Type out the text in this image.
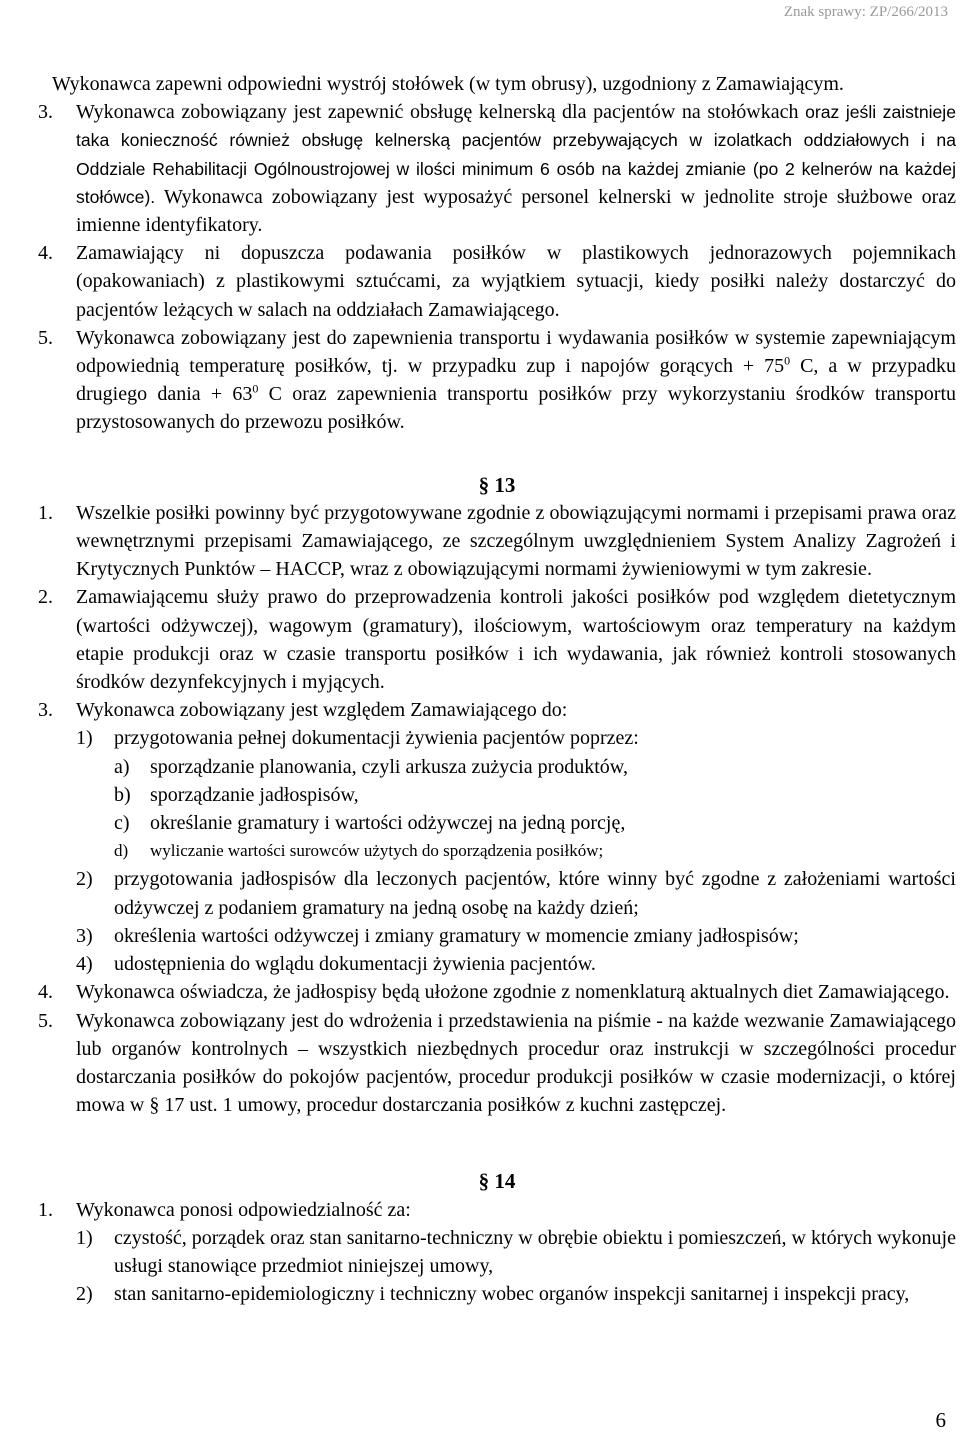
Znak sprawy: ZP/266/2013

Wykonawca zapewni odpowiedni wystrój stołówek (w tym obrusy), uzgodniony z Zamawiającym.

3. Wykonawca zobowiązany jest zapewnić obsługę kelnerską dla pacjentów na stołówkach oraz jeśli zaistnieje taka konieczność również obsługę kelnerską pacjentów przebywających w izolatkach oddziałowych i na Oddziale Rehabilitacji Ogólnoustrojowej w ilości minimum 6 osób na każdej zmianie (po 2 kelnerów na każdej stołówce). Wykonawca zobowiązany jest wyposażyć personel kelnerski w jednolite stroje służbowe oraz imienne identyfikatory.

4. Zamawiający ni dopuszcza podawania posiłków w plastikowych jednorazowych pojemnikach (opakowaniach) z plastikowymi sztućcami, za wyjątkiem sytuacji, kiedy posiłki należy dostarczyć do pacjentów leżących w salach na oddziałach Zamawiającego.

5. Wykonawca zobowiązany jest do zapewnienia transportu i wydawania posiłków w systemie zapewniającym odpowiednią temperaturę posiłków, tj. w przypadku zup i napojów gorących + $75^0$ C, a w przypadku drugiego dania + $63^0$ C oraz zapewnienia transportu posiłków przy wykorzystaniu środków transportu przystosowanych do przewozu posiłków.

§ 13

1. Wszelkie posiłki powinny być przygotowywane zgodnie z obowiązującymi normami i przepisami prawa oraz wewnętrznymi przepisami Zamawiającego, ze szczególnym uwzględnieniem System Analizy Zagrożeń i Krytycznych Punktów – HACCP, wraz z obowiązującymi normami żywieniowymi w tym zakresie.

2. Zamawiającemu służy prawo do przeprowadzenia kontroli jakości posiłków pod względem dietetycznym (wartości odżywczej), wagowym (gramatury), ilościowym, wartościowym oraz temperatury na każdym etapie produkcji oraz w czasie transportu posiłków i ich wydawania, jak również kontroli stosowanych środków dezynfekcyjnych i myjących.

3. Wykonawca zobowiązany jest względem Zamawiającego do:

1) przygotowania pełnej dokumentacji żywienia pacjentów poprzez:

a) sporządzanie planowania, czyli arkusza zużycia produktów,

b) sporządzanie jadłospisów,

c) określanie gramatury i wartości odżywczej na jedną porcję,

d) wyliczanie wartości surowców użytych do sporządzenia posiłków;

2) przygotowania jadłospisów dla leczonych pacjentów, które winny być zgodne z założeniami wartości odżywczej z podaniem gramatury na jedną osobę na każdy dzień;

3) określenia wartości odżywczej i zmiany gramatury w momencie zmiany jadłospisów;

4) udostępnienia do wglądu dokumentacji żywienia pacjentów.

4. Wykonawca oświadcza, że jadłospisy będą ułożone zgodnie z nomenklaturą aktualnych diet Zamawiającego.

5. Wykonawca zobowiązany jest do wdrożenia i przedstawienia na piśmie - na każde wezwanie Zamawiającego lub organów kontrolnych – wszystkich niezbędnych procedur oraz instrukcji w szczególności procedur dostarczania posiłków do pokojów pacjentów, procedur produkcji posiłków w czasie modernizacji, o której mowa w § 17 ust. 1 umowy, procedur dostarczania posiłków z kuchni zastępczej.

§ 14

1. Wykonawca ponosi odpowiedzialność za:

1) czystość, porządek oraz stan sanitarno-techniczny w obrębie obiektu i pomieszczeń, w których wykonuje usługi stanowiące przedmiot niniejszej umowy,

2) stan sanitarno-epidemiologiczny i techniczny wobec organów inspekcji sanitarnej i inspekcji pracy,

6
